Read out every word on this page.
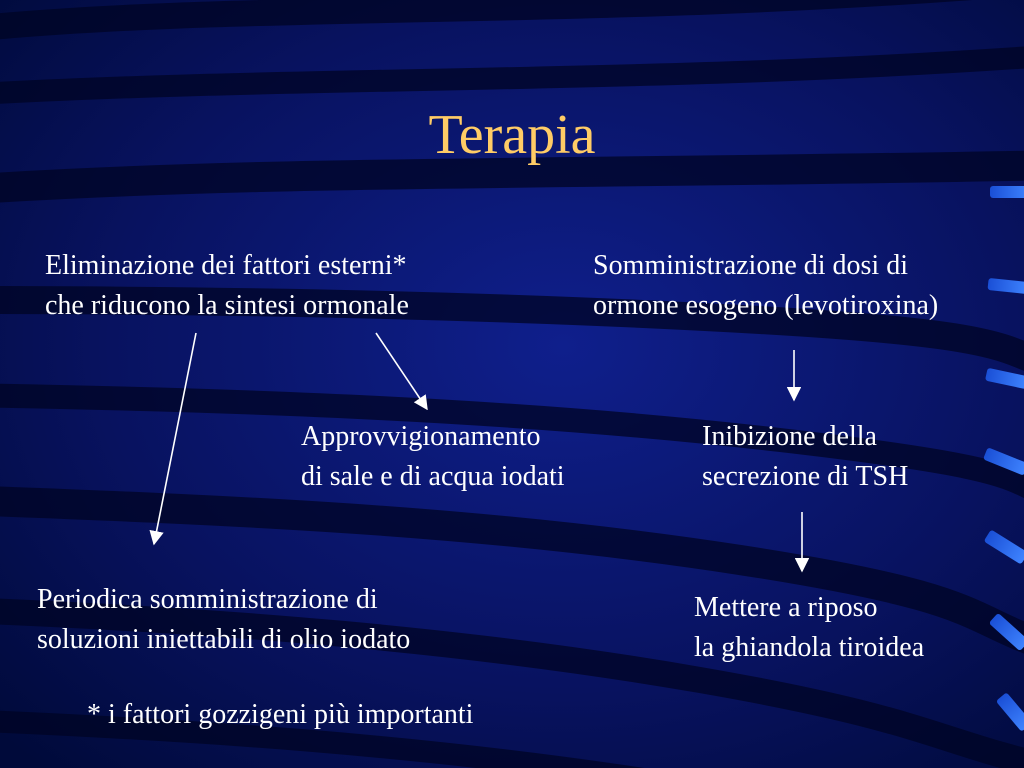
Terapia
Eliminazione dei fattori esterni*
che riducono la sintesi ormonale
Somministrazione di dosi di
ormone esogeno (levotiroxina)
Approvvigionamento
di sale e di acqua iodati
Inibizione della
secrezione di TSH
Periodica somministrazione di
soluzioni iniettabili di olio iodato
Mettere a riposo
la ghiandola tiroidea
* i fattori gozzigeni più importanti
